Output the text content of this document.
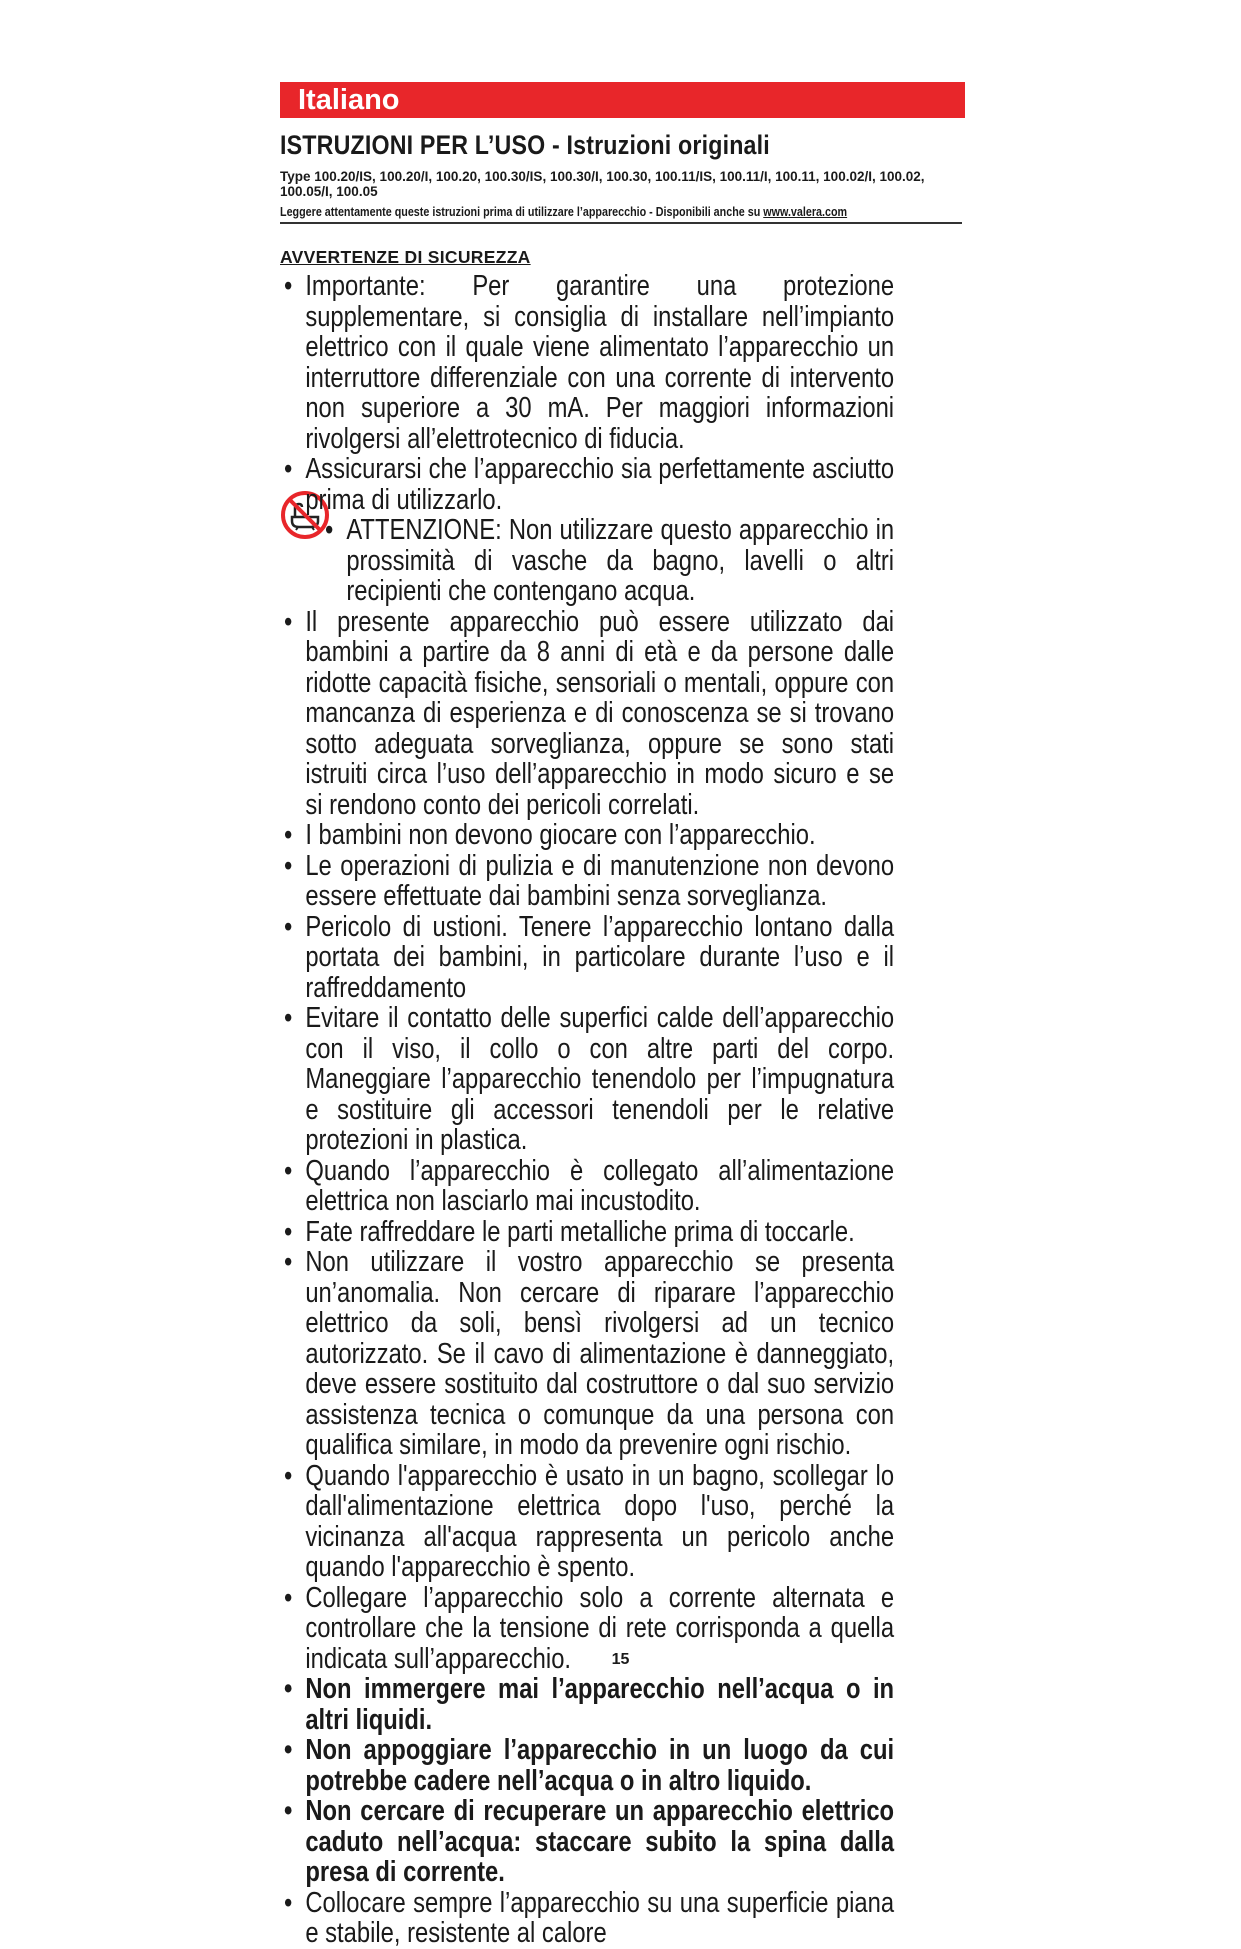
Italiano
ISTRUZIONI PER L’USO - Istruzioni originali
Type 100.20/IS, 100.20/I, 100.20, 100.30/IS, 100.30/I, 100.30, 100.11/IS, 100.11/I, 100.11, 100.02/I, 100.02, 100.05/I, 100.05
Leggere attentamente queste istruzioni prima di utilizzare l’apparecchio - Disponibili anche su www.valera.com
AVVERTENZE DI SICUREZZA

• Importante: Per garantire una protezione supplementare, si consiglia di installare nell’impianto elettrico con il quale viene alimentato l’apparecchio un interruttore differenziale con una corrente di intervento non superiore a 30 mA. Per maggiori informazioni rivolgersi all’elettrotecnico di fiducia.

• Assicurarsi che l’apparecchio sia perfettamente asciutto prima di utilizzarlo.

• ATTENZIONE: Non utilizzare questo apparecchio in prossimità di vasche da bagno, lavelli o altri recipienti che contengano acqua.

• Il presente apparecchio può essere utilizzato dai bambini a partire da 8 anni di età e da persone dalle ridotte capacità fisiche, sensoriali o mentali, oppure con mancanza di esperienza e di conoscenza se si trovano sotto adeguata sorveglianza, oppure se sono stati istruiti circa l’uso dell’apparecchio in modo sicuro e se si rendono conto dei pericoli correlati.

• I bambini non devono giocare con l’apparecchio.

• Le operazioni di pulizia e di manutenzione non devono essere effettuate dai bambini senza sorveglianza.

• Pericolo di ustioni. Tenere l’apparecchio lontano dalla portata dei bambini, in particolare durante l’uso e il raffreddamento

• Evitare il contatto delle superfici calde dell’apparecchio con il viso, il collo o con altre parti del corpo. Maneggiare l’apparecchio tenendolo per l’impugnatura e sostituire gli accessori tenendoli per le relative protezioni in plastica.

• Quando l’apparecchio è collegato all’alimentazione elettrica non lasciarlo mai incustodito.

• Fate raffreddare le parti metalliche prima di toccarle.

• Non utilizzare il vostro apparecchio se presenta un’anomalia. Non cercare di riparare l’apparecchio elettrico da soli, bensì rivolgersi ad un tecnico autorizzato. Se il cavo di alimentazione è danneggiato, deve essere sostituito dal costruttore o dal suo servizio assistenza tecnica o comunque da una persona con qualifica similare, in modo da prevenire ogni rischio.

• Quando l'apparecchio è usato in un bagno, scollegar lo dall'alimentazione elettrica dopo l'uso, perché la vicinanza all'acqua rappresenta un pericolo anche quando l'apparecchio è spento.

• Collegare l’apparecchio solo a corrente alternata e controllare che la tensione di rete corrisponda a quella indicata sull’apparecchio.

• Non immergere mai l’apparecchio nell’acqua o in altri liquidi.

• Non appoggiare l’apparecchio in un luogo da cui potrebbe cadere nell’acqua o in altro liquido.

• Non cercare di recuperare un apparecchio elettrico caduto nell’acqua: staccare subito la spina dalla presa di corrente.

• Collocare sempre l’apparecchio su una superficie piana e stabile, resistente al calore

15
